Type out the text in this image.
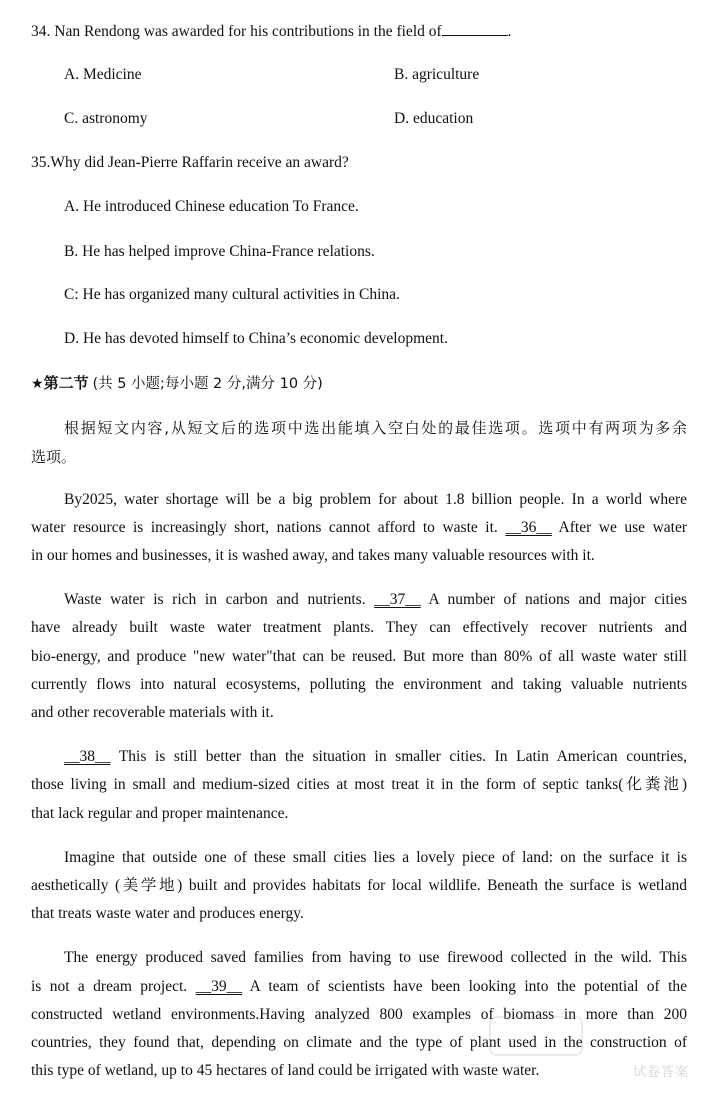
34. Nan Rendong was awarded for his contributions in the field of	.
A. Medicine	B. agriculture
C. astronomy	D. education
35.Why did Jean-Pierre Raffarin receive an award?
A. He introduced Chinese education To France.
B. He has helped improve China-France relations.
C: He has organized many cultural activities in China.
D. He has devoted himself to China’s economic development.
★第二节 (共 5 小题;每小题 2 分,满分 10 分)
根据短文内容,从短文后的选项中选出能填入空白处的最佳选项。选项中有两项为多余
选项。
By2025, water shortage will be a big problem for about 1.8 billion people. In a world where
water resource is increasingly short, nations cannot afford to waste it. __36__ After we use water
in our homes and businesses, it is washed away, and takes many valuable resources with it.
Waste water is rich in carbon and nutrients. __37__ A number of nations and major cities
have already built waste water treatment plants. They can effectively recover nutrients and
bio-energy, and produce "new water"that can be reused. But more than 80% of all waste water still
currently flows into natural ecosystems, polluting the environment and taking valuable nutrients
and other recoverable materials with it.
__38__ This is still better than the situation in smaller cities. In Latin American countries,
those living in small and medium-sized cities at most treat it in the form of septic tanks(化粪池)
that lack regular and proper maintenance.
Imagine that outside one of these small cities lies a lovely piece of land: on the surface it is
aesthetically (美学地) built and provides habitats for local wildlife. Beneath the surface is wetland
that treats waste water and produces energy.
The energy produced saved families from having to use firewood collected in the wild. This
is not a dream project. __39__ A team of scientists have been looking into the potential of the
constructed wetland environments.Having analyzed 800 examples of biomass in more than 200
countries, they found that, depending on climate and the type of plant used in the construction of
this type of wetland, up to 45 hectares of land could be irrigated with waste water.	试卷答案
